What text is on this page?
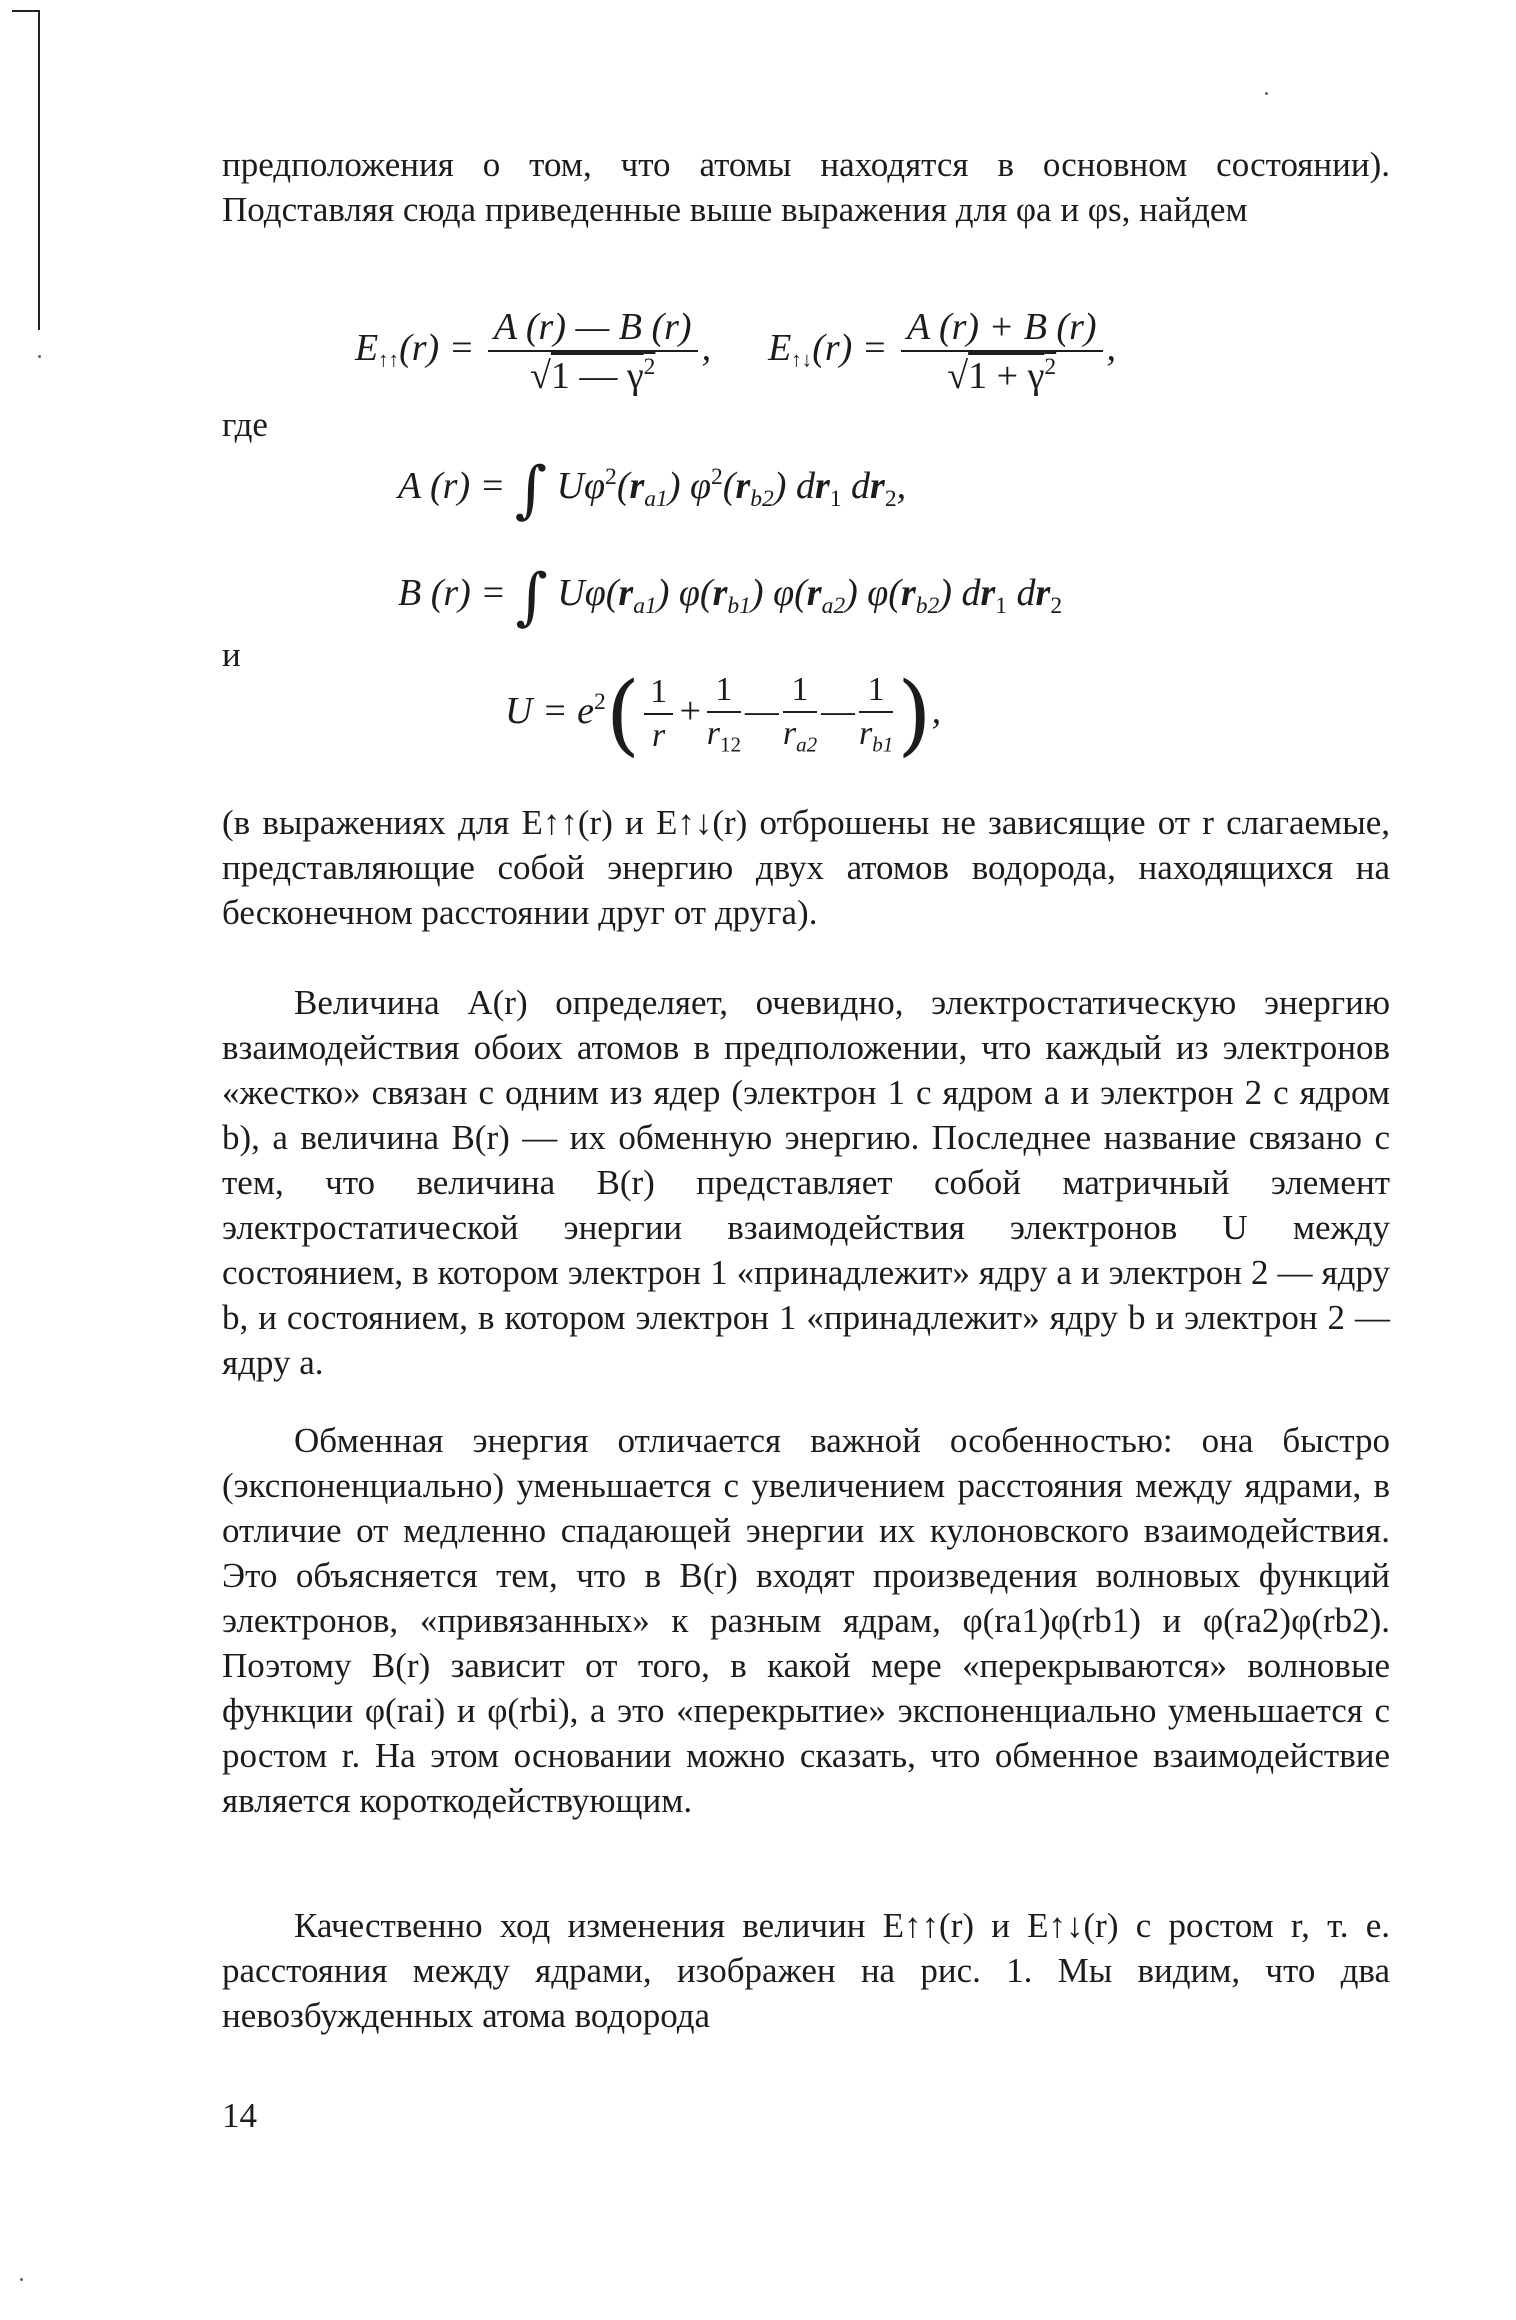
предположения о том, что атомы находятся в основном состоянии). Подставляя сюда приведенные выше выражения для φa и φs, найдем

E↑↑(r) = $\frac{A (r) — B (r)}{√1 — \gamma^2}$ ,      E↑↓(r) = $\frac{A (r) + B (r)}{√1 + \gamma^2}$ ,
где
A (r) = ∫ $U\varphi^2(r_{a1})$ $\varphi^2(r_{b2})$ $dr_1$ $dr_2$,
B (r) = ∫ $U\varphi(r_{a1})$ $\varphi(r_{b1})$ $\varphi(r_{a2})$ $\varphi(r_{b2})$ $dr_1$ $dr_2$
и
$U = e^2( \frac{1}{r} + \frac{1}{r_{12}}$ — $\frac{1}{r_{a2}}$ — $\frac{1}{r_{b1}}$ ),

(в выражениях для E↑↑(r) и E↑↓(r) отброшены не зависящие от r слагаемые, представляющие собой энергию двух атомов водорода, находящихся на бесконечном расстоянии друг от друга).

Величина A(r) определяет, очевидно, электростатическую энергию взаимодействия обоих атомов в предположении, что каждый из электронов «жестко» связан с одним из ядер (электрон 1 с ядром a и электрон 2 с ядром b), а величина B(r) — их обменную энергию. Последнее название связано с тем, что величина B(r) представляет собой матричный элемент электростатической энергии взаимодействия электронов U между состоянием, в котором электрон 1 «принадлежит» ядру a и электрон 2 — ядру b, и состоянием, в котором электрон 1 «принадлежит» ядру b и электрон 2 — ядру a.

Обменная энергия отличается важной особенностью: она быстро (экспоненциально) уменьшается с увеличением расстояния между ядрами, в отличие от медленно спадающей энергии их кулоновского взаимодействия. Это объясняется тем, что в B(r) входят произведения волновых функций электронов, «привязанных» к разным ядрам, φ(ra1)φ(rb1) и φ(ra2)φ(rb2). Поэтому B(r) зависит от того, в какой мере «перекрываются» волновые функции φ(rai) и φ(rbi), а это «перекрытие» экспоненциально уменьшается с ростом r. На этом основании можно сказать, что обменное взаимодействие является короткодействующим.

Качественно ход изменения величин E↑↑(r) и E↑↓(r) с ростом r, т. е. расстояния между ядрами, изображен на рис. 1. Мы видим, что два невозбужденных атома водорода

14
